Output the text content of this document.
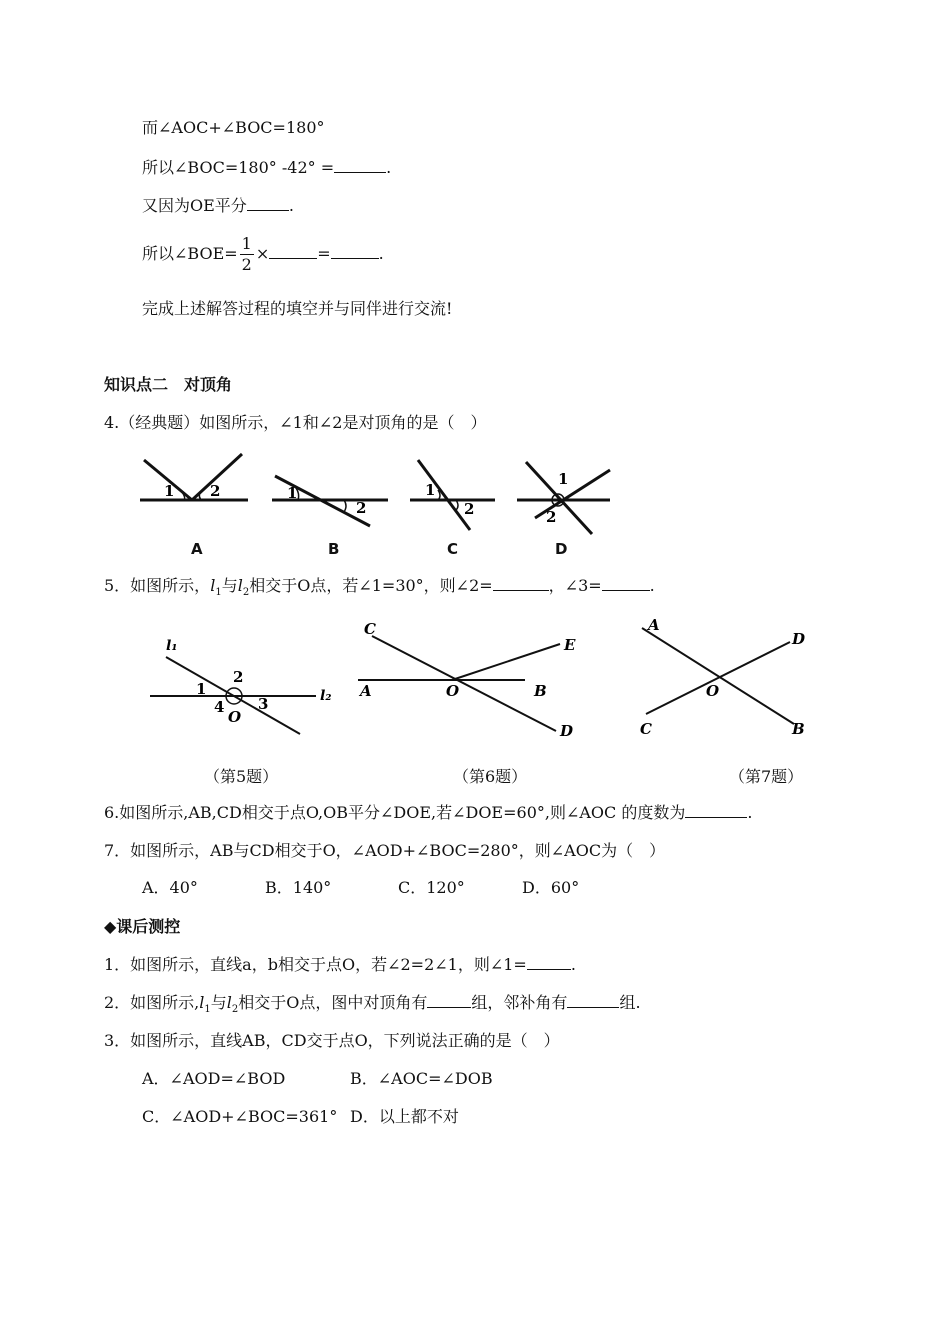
而∠AOC+∠BOC=180°
所以∠BOC=180° -42° =	.
又因为OE平分	.
所以∠BOE= $\frac{1}{2}$ ×	=	.
完成上述解答过程的填空并与同伴进行交流!
知识点二　对顶角
4.（经典题）如图所示，∠1和∠2是对顶角的是（　）
1 2	1
2
1
2
1
2
A	B	C	D
5．如图所示，$l_1$与$l_2$相交于O点，若∠1=30°，则∠2=	，∠3=	.
l₁
l₂
1
2
3
4
O
C
E
A	O	B
D
A
D
O
C	B
（第5题）	（第6题）	（第7题）
6.如图所示,AB,CD相交于点O,OB平分∠DOE,若∠DOE=60°,则∠AOC 的度数为	.
7．如图所示，AB与CD相交于O，∠AOD+∠BOC=280°，则∠AOC为（　）
A．40°	B．140°	C．120°	D．60°
◆课后测控
1．如图所示，直线a，b相交于点O，若∠2=2∠1，则∠1=	.
2．如图所示$,l_1$与$l_2$相交于O点，图中对顶角有	组，邻补角有	组.
3．如图所示，直线AB，CD交于点O，下列说法正确的是（　）
A．∠AOD=∠BOD	B．∠AOC=∠DOB
C．∠AOD+∠BOC=361° D．以上都不对
